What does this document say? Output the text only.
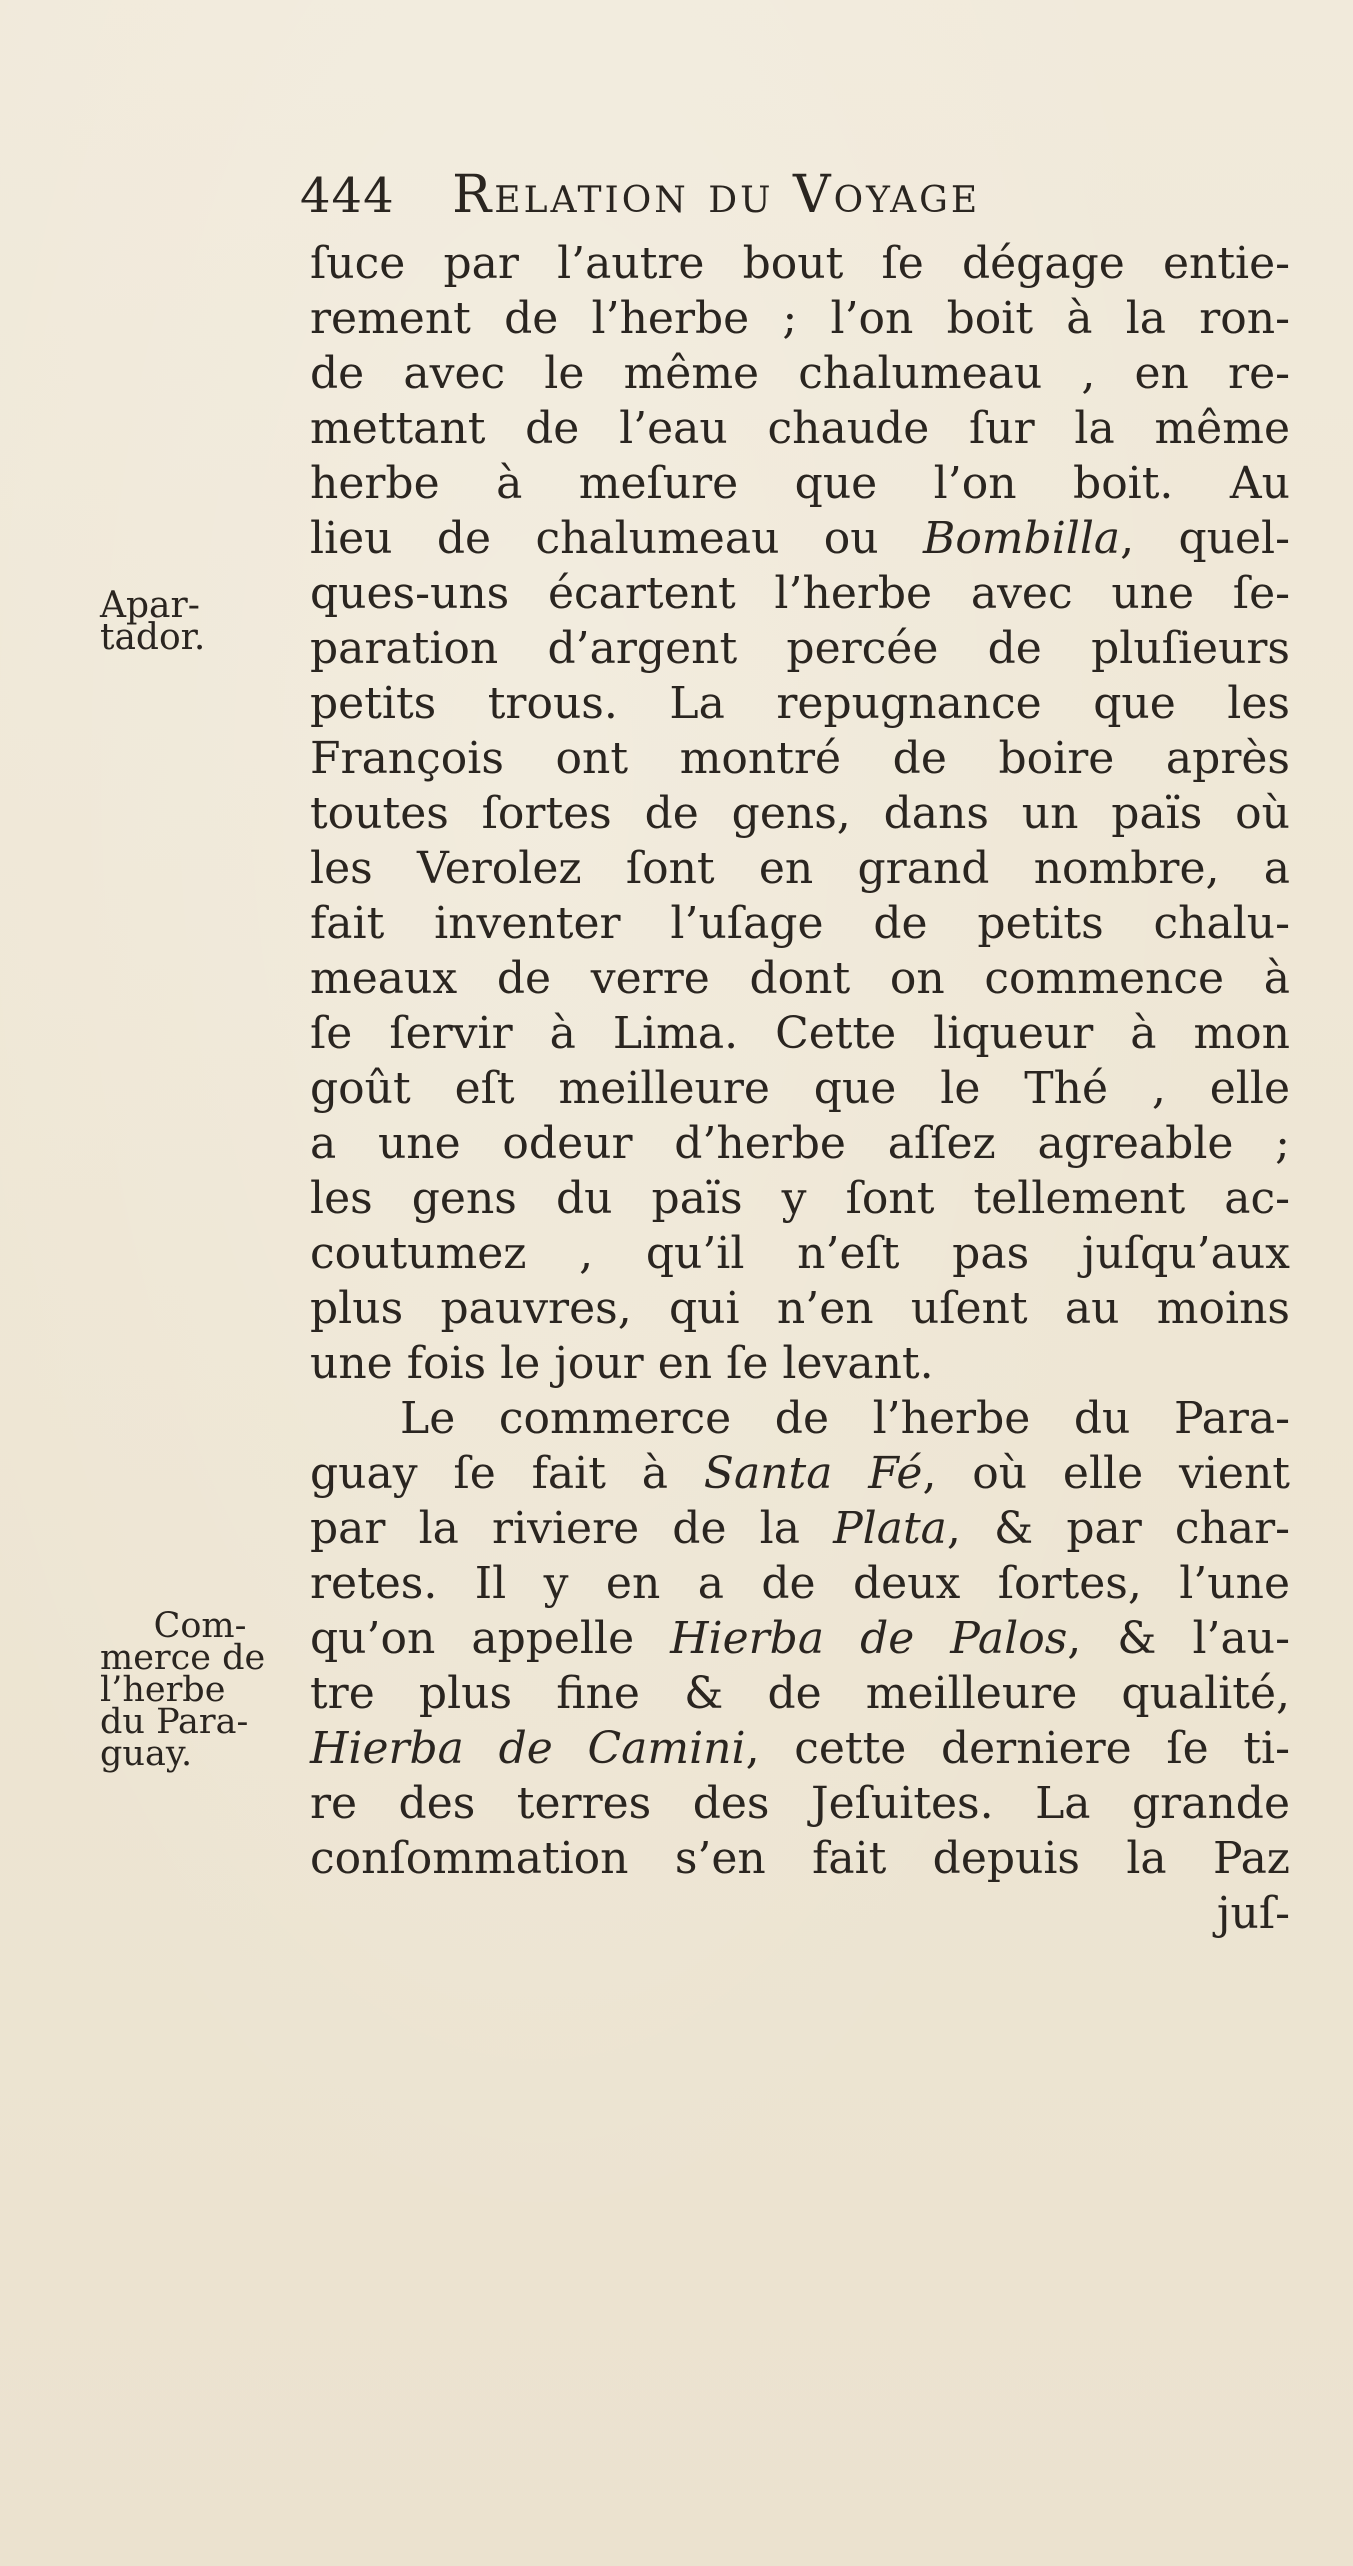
444 Relation du Voyage
Apar-
tador.
Com-
merce de
l’herbe
du Para-
guay.
ſuce par l’autre bout ſe dégage entie-
rement de l’herbe ; l’on boit à la ron-
de avec le même chalumeau , en re-
mettant de l’eau chaude ſur la même
herbe à meſure que l’on boit. Au
lieu de chalumeau ou Bombilla, quel-
ques-uns écartent l’herbe avec une ſe-
paration d’argent percée de pluſieurs
petits trous. La repugnance que les
François ont montré de boire après
toutes ſortes de gens, dans un païs où
les Verolez ſont en grand nombre, a
fait inventer l’uſage de petits chalu-
meaux de verre dont on commence à
ſe ſervir à Lima. Cette liqueur à mon
goût eſt meilleure que le Thé , elle
a une odeur d’herbe aſſez agreable ;
les gens du païs y ſont tellement ac-
coutumez , qu’il n’eſt pas juſqu’aux
plus pauvres, qui n’en uſent au moins
une fois le jour en ſe levant.
Le commerce de l’herbe du Para-
guay ſe fait à Santa Fé, où elle vient
par la riviere de la Plata, & par char-
retes. Il y en a de deux ſortes, l’une
qu’on appelle Hierba de Palos, & l’au-
tre plus fine & de meilleure qualité,
Hierba de Camini, cette derniere ſe ti-
re des terres des Jeſuites. La grande
conſommation s’en fait depuis la Paz
juſ-
